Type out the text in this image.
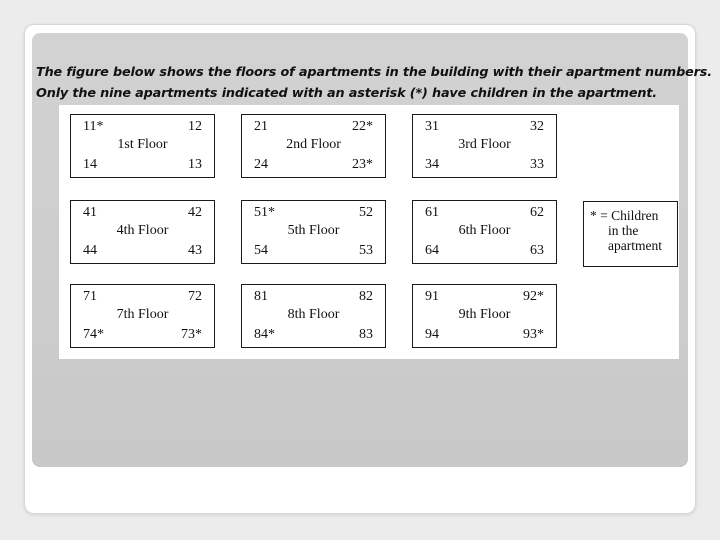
The figure below shows the floors of apartments in the building with their apartment numbers.
Only the nine apartments indicated with an asterisk (*) have children in the apartment.
11*	12
1st Floor
14	13
21	22*
2nd Floor
24	23*
31	32
3rd Floor
34	33
41	42
4th Floor
44	43
51*	52
5th Floor
54	53
61	62
6th Floor
64	63
71	72
7th Floor
74*	73*
81	82
8th Floor
84*	83
91	92*
9th Floor
94	93*
* = Children
in the
apartment
